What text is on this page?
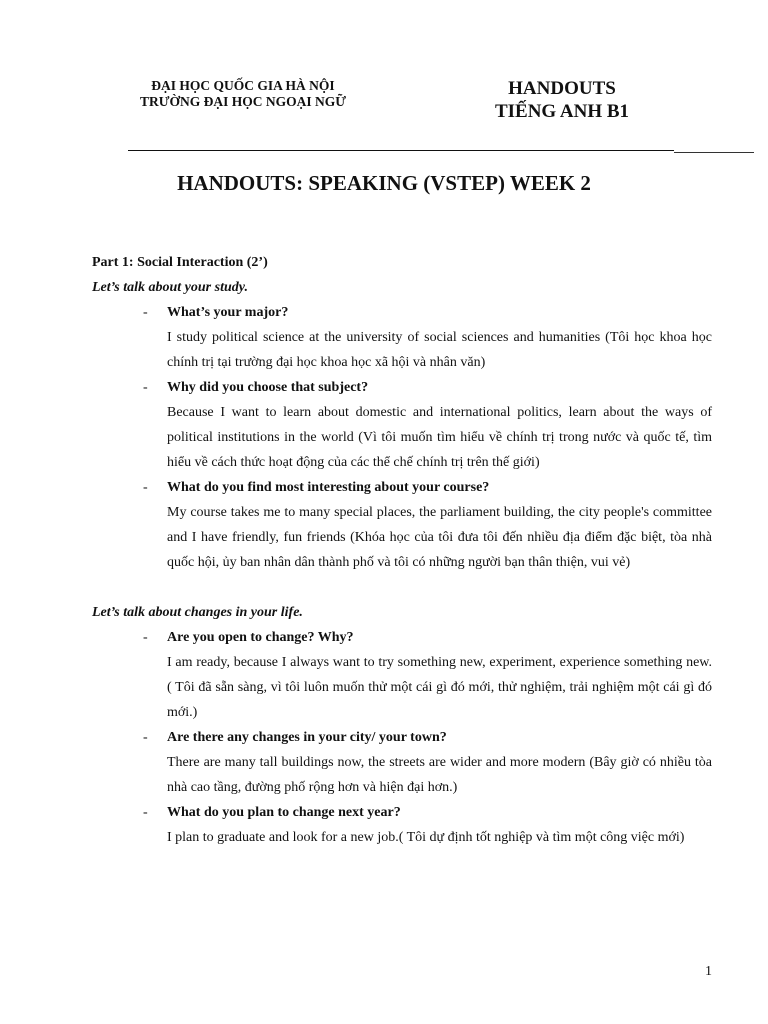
ĐẠI HỌC QUỐC GIA HÀ NỘI
TRƯỜNG ĐẠI HỌC NGOẠI NGỮ
HANDOUTS
TIẾNG ANH B1
HANDOUTS: SPEAKING (VSTEP) WEEK 2
Part 1: Social Interaction (2’)
Let’s talk about your study.
- What’s your major?
I study political science at the university of social sciences and humanities (Tôi học khoa học chính trị tại trường đại học khoa học xã hội và nhân văn)
- Why did you choose that subject?
Because I want to learn about domestic and international politics, learn about the ways of political institutions in the world (Vì tôi muốn tìm hiểu về chính trị trong nước và quốc tế, tìm hiểu về cách thức hoạt động của các thể chế chính trị trên thế giới)
- What do you find most interesting about your course?
My course takes me to many special places, the parliament building, the city people's committee and I have friendly, fun friends (Khóa học của tôi đưa tôi đến nhiều địa điểm đặc biệt, tòa nhà quốc hội, ủy ban nhân dân thành phố và tôi có những người bạn thân thiện, vui vẻ)
Let’s talk about changes in your life.
- Are you open to change? Why?
I am ready, because I always want to try something new, experiment, experience something new.( Tôi đã sẵn sàng, vì tôi luôn muốn thử một cái gì đó mới, thử nghiệm, trải nghiệm một cái gì đó mới.)
- Are there any changes in your city/ your town?
There are many tall buildings now, the streets are wider and more modern (Bây giờ có nhiều tòa nhà cao tầng, đường phố rộng hơn và hiện đại hơn.)
- What do you plan to change next year?
I plan to graduate and look for a new job.( Tôi dự định tốt nghiệp và tìm một công việc mới)
1
